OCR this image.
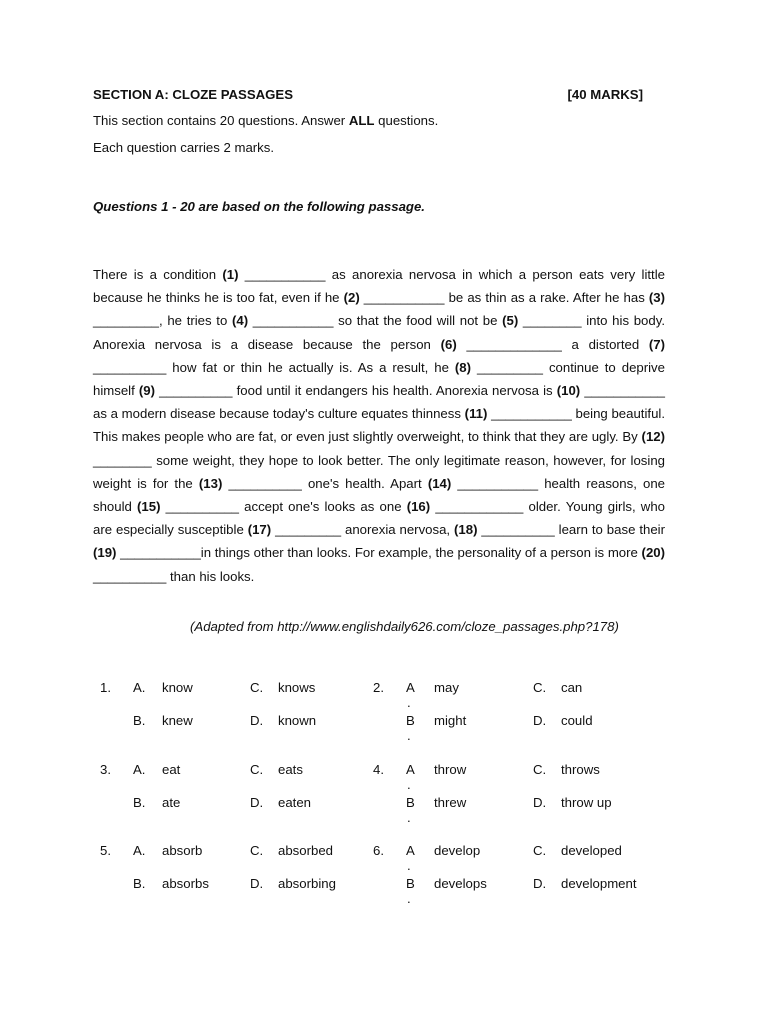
SECTION A: CLOZE PASSAGES	[40 MARKS]
This section contains 20 questions. Answer ALL questions.
Each question carries 2 marks.
Questions 1 - 20 are based on the following passage.
There is a condition (1) ___________ as anorexia nervosa in which a person eats very little because he thinks he is too fat, even if he (2) ___________ be as thin as a rake. After he has (3) _________, he tries to (4) ___________ so that the food will not be (5) ________ into his body. Anorexia nervosa is a disease because the person (6) _____________ a distorted (7) __________ how fat or thin he actually is. As a result, he (8) _________ continue to deprive himself (9) __________ food until it endangers his health. Anorexia nervosa is (10) ___________ as a modern disease because today's culture equates thinness (11) ___________ being beautiful. This makes people who are fat, or even just slightly overweight, to think that they are ugly. By (12) ________ some weight, they hope to look better. The only legitimate reason, however, for losing weight is for the (13) __________ one's health. Apart (14) ___________ health reasons, one should (15) __________ accept one's looks as one (16) ____________ older. Young girls, who are especially susceptible (17) _________ anorexia nervosa, (18) __________ learn to base their (19) ___________in things other than looks. For example, the personality of a person is more (20) __________ than his looks.
(Adapted from http://www.englishdaily626.com/cloze_passages.php?178)
1. A. know	C. knows
B. knew	D. known
2. A may	C. can
B might	D. could
.
.
3. A. eat	C. eats
B. ate	D. eaten
4. A throw	C. throws
B threw	D. throw up
.
.
5. A. absorb	C. absorbed
B. absorbs	D. absorbing
6. A develop	C. developed
B develops	D. development
.
.
